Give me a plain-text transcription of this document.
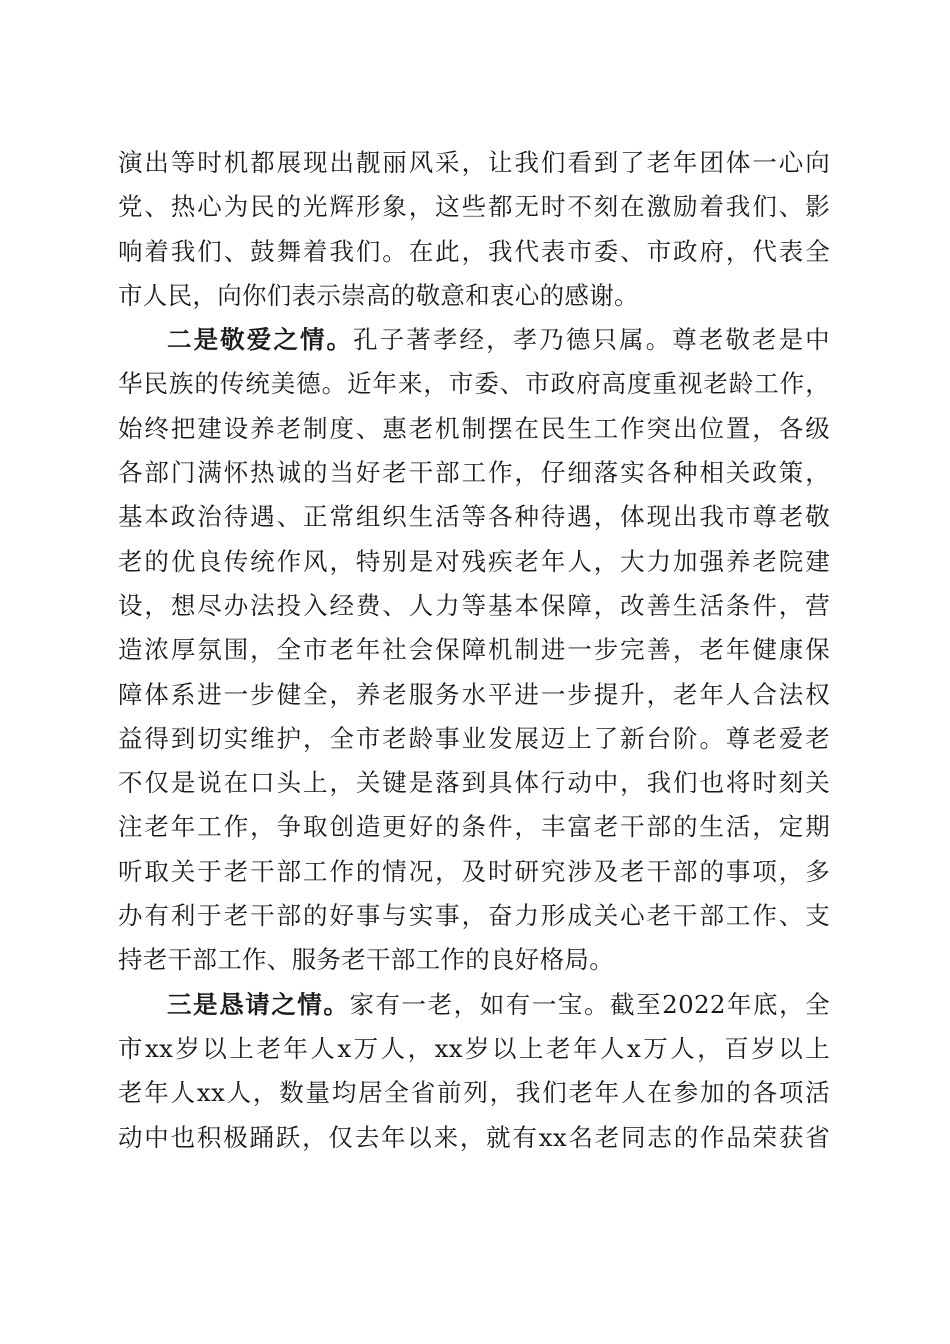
演出等时机都展现出靓丽风采，让我们看到了老年团体一心向
党、热心为民的光辉形象，这些都无时不刻在激励着我们、影
响着我们、鼓舞着我们。在此，我代表市委、市政府，代表全
市人民，向你们表示崇高的敬意和衷心的感谢。
二是敬爱之情。孔子著孝经，孝乃德只属。尊老敬老是中
华民族的传统美德。近年来，市委、市政府高度重视老龄工作，
始终把建设养老制度、惠老机制摆在民生工作突出位置，各级
各部门满怀热诚的当好老干部工作，仔细落实各种相关政策，
基本政治待遇、正常组织生活等各种待遇，体现出我市尊老敬
老的优良传统作风，特别是对残疾老年人，大力加强养老院建
设，想尽办法投入经费、人力等基本保障，改善生活条件，营
造浓厚氛围，全市老年社会保障机制进一步完善，老年健康保
障体系进一步健全，养老服务水平进一步提升，老年人合法权
益得到切实维护，全市老龄事业发展迈上了新台阶。尊老爱老
不仅是说在口头上，关键是落到具体行动中，我们也将时刻关
注老年工作，争取创造更好的条件，丰富老干部的生活，定期
听取关于老干部工作的情况，及时研究涉及老干部的事项，多
办有利于老干部的好事与实事，奋力形成关心老干部工作、支
持老干部工作、服务老干部工作的良好格局。
三是恳请之情。家有一老，如有一宝。截至2022年底，全
市xx岁以上老年人x万人，xx岁以上老年人x万人，百岁以上
老年人xx人，数量均居全省前列，我们老年人在参加的各项活
动中也积极踊跃，仅去年以来，就有xx名老同志的作品荣获省
